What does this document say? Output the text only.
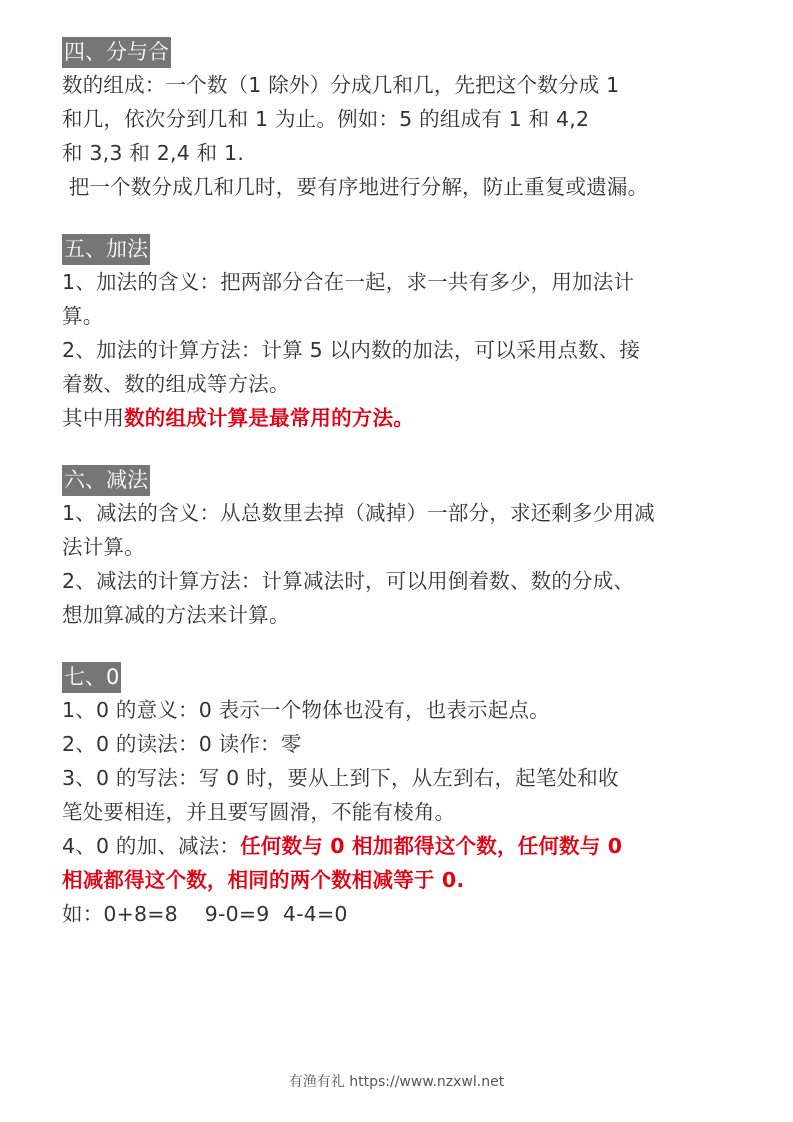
四、分与合
数的组成：一个数（1 除外）分成几和几，先把这个数分成 1
和几，依次分到几和 1 为止。例如：5 的组成有 1 和 4,2
和 3,3 和 2,4 和 1.
把一个数分成几和几时，要有序地进行分解，防止重复或遗漏。
五、加法
1、加法的含义：把两部分合在一起，求一共有多少，用加法计
算。
2、加法的计算方法：计算 5 以内数的加法，可以采用点数、接
着数、数的组成等方法。
其中用数的组成计算是最常用的方法。
六、减法
1、减法的含义：从总数里去掉（减掉）一部分，求还剩多少用减
法计算。
2、减法的计算方法：计算减法时，可以用倒着数、数的分成、
想加算减的方法来计算。
七、0
1、0 的意义：0 表示一个物体也没有，也表示起点。
2、0 的读法：0 读作：零
3、0 的写法：写 0 时，要从上到下，从左到右，起笔处和收
笔处要相连，并且要写圆滑，不能有棱角。
4、0 的加、减法：任何数与 0 相加都得这个数，任何数与 0
相减都得这个数，相同的两个数相减等于 0.
如：0+8=8    9-0=9  4-4=0
有渔有礼 https://www.nzxwl.net
